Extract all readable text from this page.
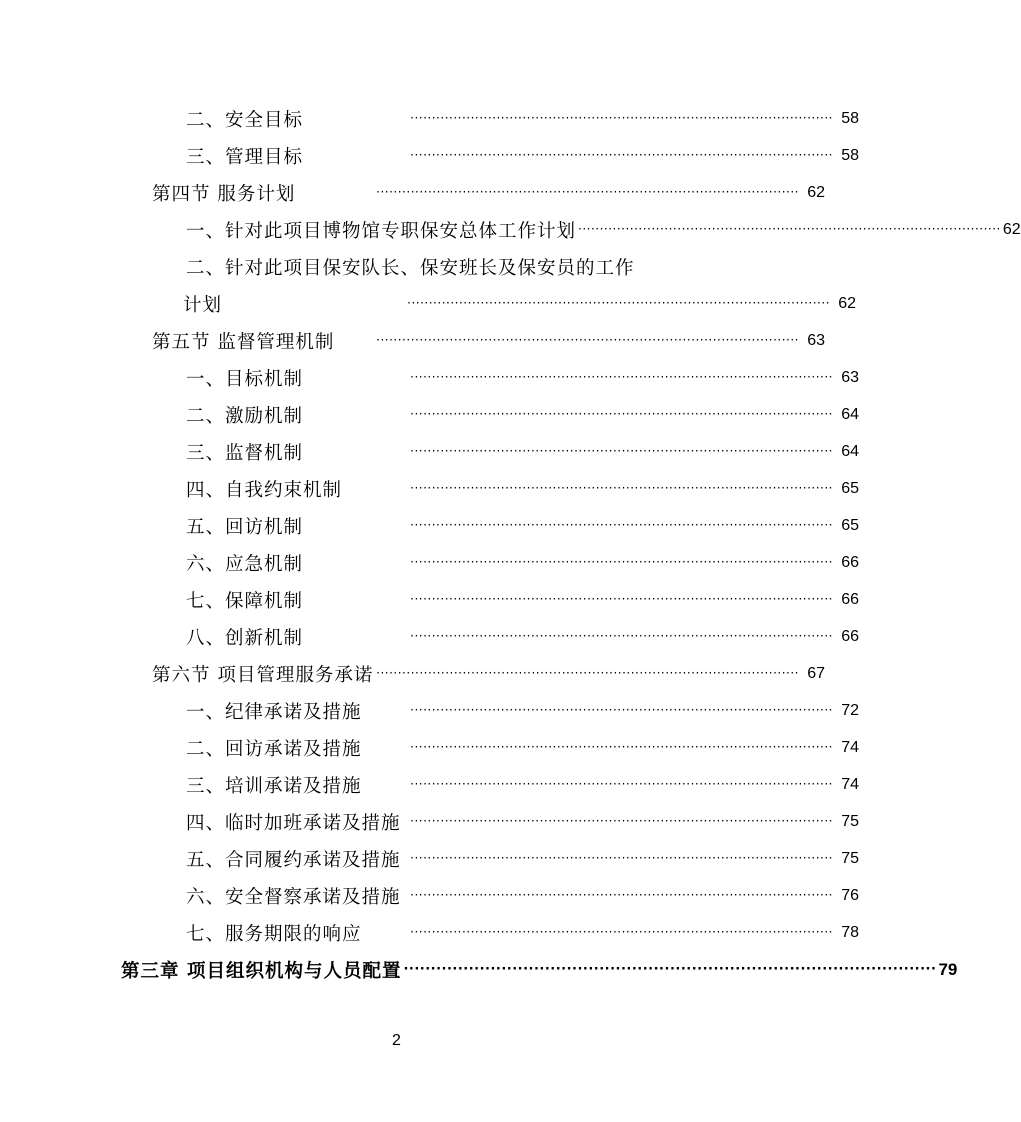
二、安全目标	·································································································· 58
三、管理目标	·································································································· 58
第四节 服务计划	·································································································· 62
一、针对此项目博物馆专职保安总体工作计划 ·································································································· 62
二、针对此项目保安队长、保安班长及保安员的工作
计划	·································································································· 62
第五节 监督管理机制	·································································································· 63
一、目标机制	·································································································· 63
二、激励机制	·································································································· 64
三、监督机制	·································································································· 64
四、自我约束机制	·································································································· 65
五、回访机制	·································································································· 65
六、应急机制	·································································································· 66
七、保障机制	·································································································· 66
八、创新机制	·································································································· 66
第六节 项目管理服务承诺 ·································································································· 67
一、纪律承诺及措施	·································································································· 72
二、回访承诺及措施	·································································································· 74
三、培训承诺及措施	·································································································· 74
四、临时加班承诺及措施 ·································································································· 75
五、合同履约承诺及措施 ·································································································· 75
六、安全督察承诺及措施 ·································································································· 76
七、服务期限的响应	·································································································· 78
第三章 项目组织机构与人员配置 ·································································································· 79
2
